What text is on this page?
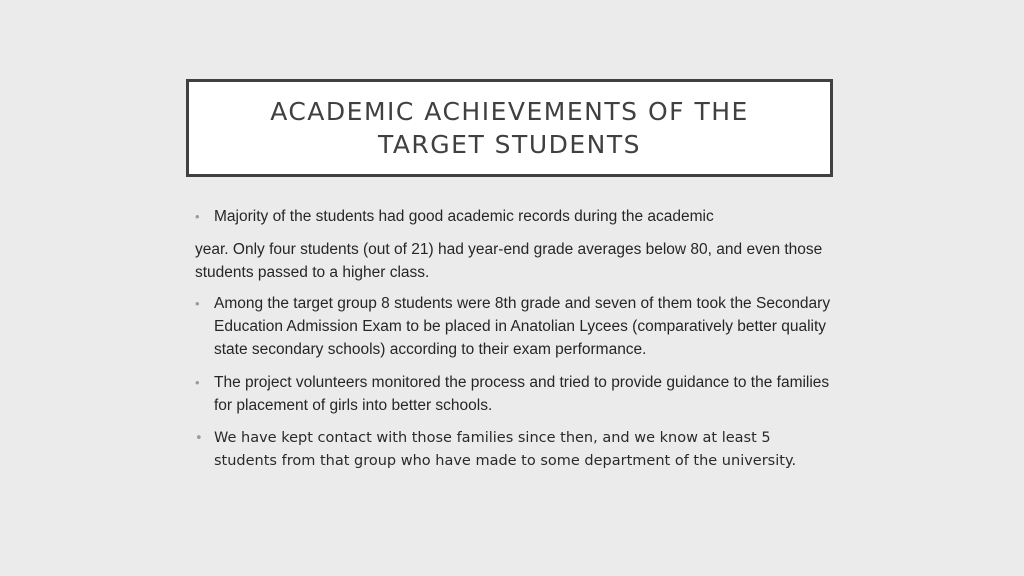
ACADEMIC ACHIEVEMENTS OF THE
TARGET STUDENTS
• Majority of the students had good academic records during the academic
year. Only four students (out of 21) had year-end grade averages below 80, and even those students passed to a higher class.
• Among the target group 8 students were 8th grade and seven of them took the Secondary Education Admission Exam to be placed in Anatolian Lycees (comparatively better quality state secondary schools) according to their exam performance.
• The project volunteers monitored the process and tried to provide guidance to the families for placement of girls into better schools.
• We have kept contact with those families since then, and we know at least 5 students from that group who have made to some department of the university.
